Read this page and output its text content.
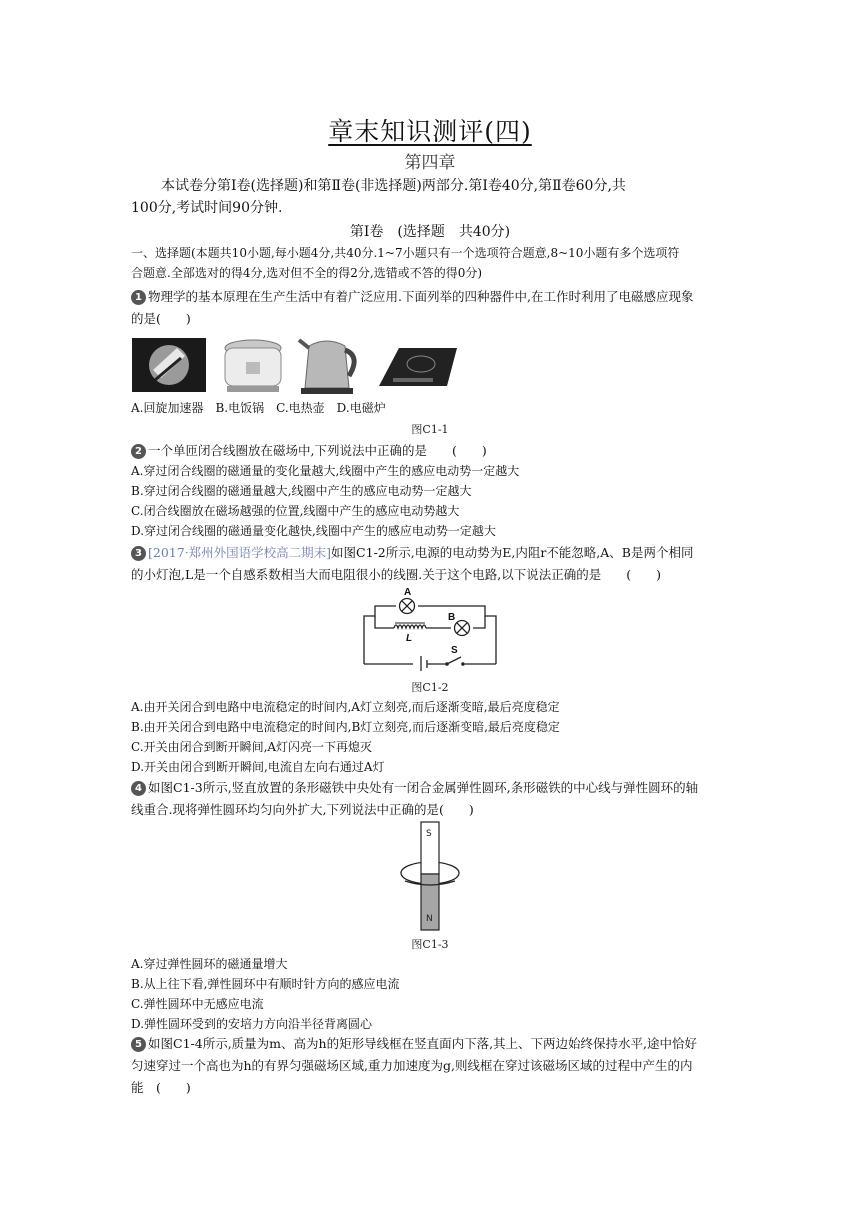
章末知识测评(四)
第四章
本试卷分第Ⅰ卷(选择题)和第Ⅱ卷(非选择题)两部分.第Ⅰ卷40分,第Ⅱ卷60分,共
100分,考试时间90分钟.
第Ⅰ卷　(选择题　共40分)
一、选择题(本题共10小题,每小题4分,共40分.1~7小题只有一个选项符合题意,8~10小题有多个选项符
合题意.全部选对的得4分,选对但不全的得2分,选错或不答的得0分)
1 物理学的基本原理在生产生活中有着广泛应用.下面列举的四种器件中,在工作时利用了电磁感应现象
的是(　　)
A.回旋加速器　B.电饭锅　C.电热壶　D.电磁炉
图C1-1
2 一个单匝闭合线圈放在磁场中,下列说法中正确的是　　(　　)
A.穿过闭合线圈的磁通量的变化量越大,线圈中产生的感应电动势一定越大
B.穿过闭合线圈的磁通量越大,线圈中产生的感应电动势一定越大
C.闭合线圈放在磁场越强的位置,线圈中产生的感应电动势越大
D.穿过闭合线圈的磁通量变化越快,线圈中产生的感应电动势一定越大
3 [2017·郑州外国语学校高二期末]如图C1-2所示,电源的电动势为E,内阻r不能忽略,A、B是两个相同
的小灯泡,L是一个自感系数相当大而电阻很小的线圈.关于这个电路,以下说法正确的是　　(　　)
A
B
L
S
图C1-2
A.由开关闭合到电路中电流稳定的时间内,A灯立刻亮,而后逐渐变暗,最后亮度稳定
B.由开关闭合到电路中电流稳定的时间内,B灯立刻亮,而后逐渐变暗,最后亮度稳定
C.开关由闭合到断开瞬间,A灯闪亮一下再熄灭
D.开关由闭合到断开瞬间,电流自左向右通过A灯
4 如图C1-3所示,竖直放置的条形磁铁中央处有一闭合金属弹性圆环,条形磁铁的中心线与弹性圆环的轴
线重合.现将弹性圆环均匀向外扩大,下列说法中正确的是(　　)
S
N
图C1-3
A.穿过弹性圆环的磁通量增大
B.从上往下看,弹性圆环中有顺时针方向的感应电流
C.弹性圆环中无感应电流
D.弹性圆环受到的安培力方向沿半径背离圆心
5 如图C1-4所示,质量为m、高为h的矩形导线框在竖直面内下落,其上、下两边始终保持水平,途中恰好
匀速穿过一个高也为h的有界匀强磁场区域,重力加速度为g,则线框在穿过该磁场区域的过程中产生的内
能　(　　)
